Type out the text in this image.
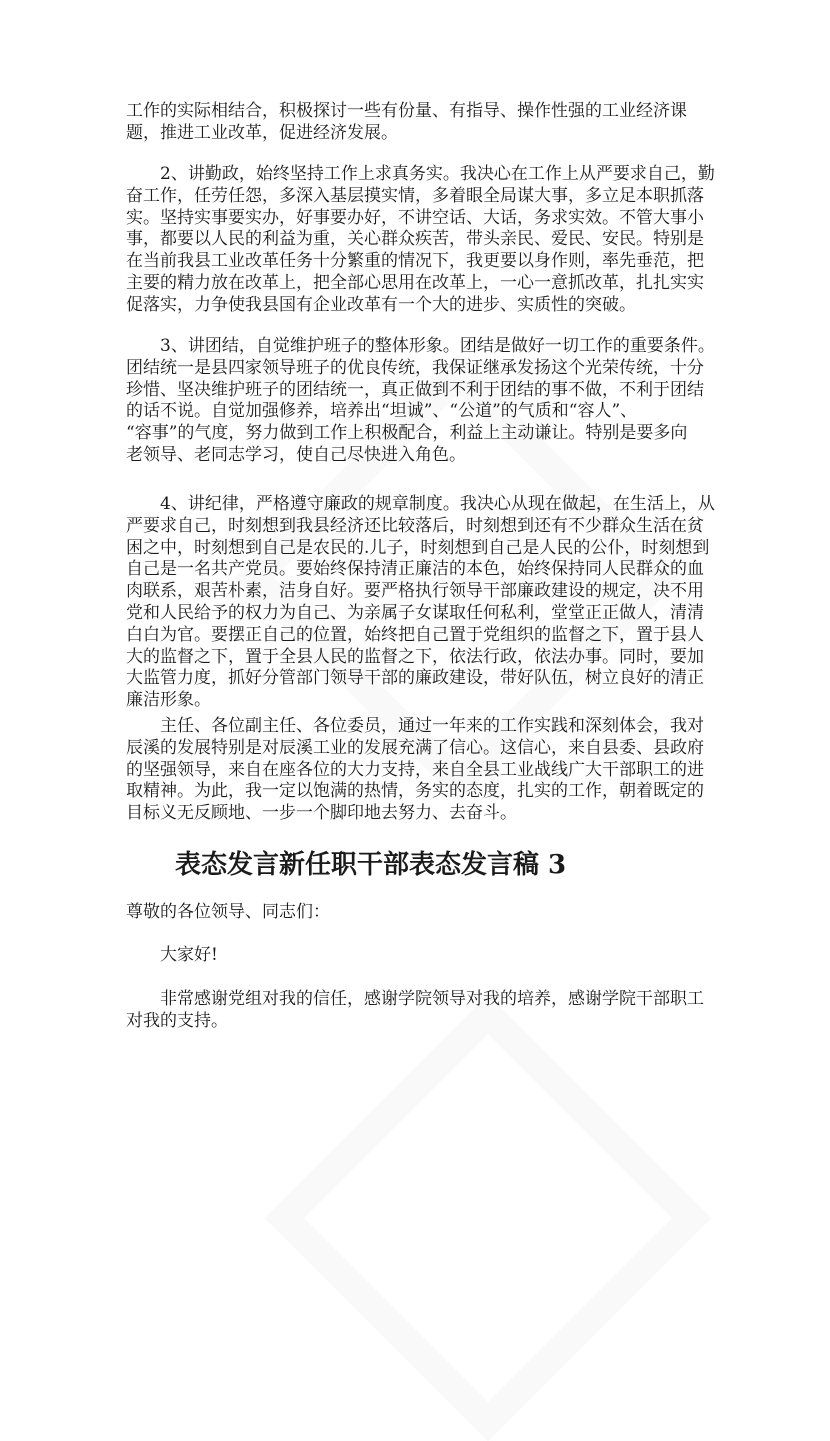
工作的实际相结合，积极探讨一些有份量、有指导、操作性强的工业经济课
题，推进工业改革，促进经济发展。
2、讲勤政，始终坚持工作上求真务实。我决心在工作上从严要求自己，勤
奋工作，任劳任怨，多深入基层摸实情，多着眼全局谋大事，多立足本职抓落
实。坚持实事要实办，好事要办好，不讲空话、大话，务求实效。不管大事小
事，都要以人民的利益为重，关心群众疾苦，带头亲民、爱民、安民。特别是
在当前我县工业改革任务十分繁重的情况下，我更要以身作则，率先垂范，把
主要的精力放在改革上，把全部心思用在改革上，一心一意抓改革，扎扎实实
促落实，力争使我县国有企业改革有一个大的进步、实质性的突破。
3、讲团结，自觉维护班子的整体形象。团结是做好一切工作的重要条件。
团结统一是县四家领导班子的优良传统，我保证继承发扬这个光荣传统，十分
珍惜、坚决维护班子的团结统一，真正做到不利于团结的事不做，不利于团结
的话不说。自觉加强修养，培养出“坦诚”、“公道”的气质和“容人”、
“容事”的气度，努力做到工作上积极配合，利益上主动谦让。特别是要多向
老领导、老同志学习，使自己尽快进入角色。
4、讲纪律，严格遵守廉政的规章制度。我决心从现在做起，在生活上，从
严要求自己，时刻想到我县经济还比较落后，时刻想到还有不少群众生活在贫
困之中，时刻想到自己是农民的.儿子，时刻想到自己是人民的公仆，时刻想到
自己是一名共产党员。要始终保持清正廉洁的本色，始终保持同人民群众的血
肉联系，艰苦朴素，洁身自好。要严格执行领导干部廉政建设的规定，决不用
党和人民给予的权力为自己、为亲属子女谋取任何私利，堂堂正正做人，清清
白白为官。要摆正自己的位置，始终把自己置于党组织的监督之下，置于县人
大的监督之下，置于全县人民的监督之下，依法行政，依法办事。同时，要加
大监管力度，抓好分管部门领导干部的廉政建设，带好队伍，树立良好的清正
廉洁形象。
主任、各位副主任、各位委员，通过一年来的工作实践和深刻体会，我对
辰溪的发展特别是对辰溪工业的发展充满了信心。这信心，来自县委、县政府
的坚强领导，来自在座各位的大力支持，来自全县工业战线广大干部职工的进
取精神。为此，我一定以饱满的热情，务实的态度，扎实的工作，朝着既定的
目标义无反顾地、一步一个脚印地去努力、去奋斗。
表态发言新任职干部表态发言稿 3
尊敬的各位领导、同志们：
大家好!
非常感谢党组对我的信任，感谢学院领导对我的培养，感谢学院干部职工
对我的支持。
